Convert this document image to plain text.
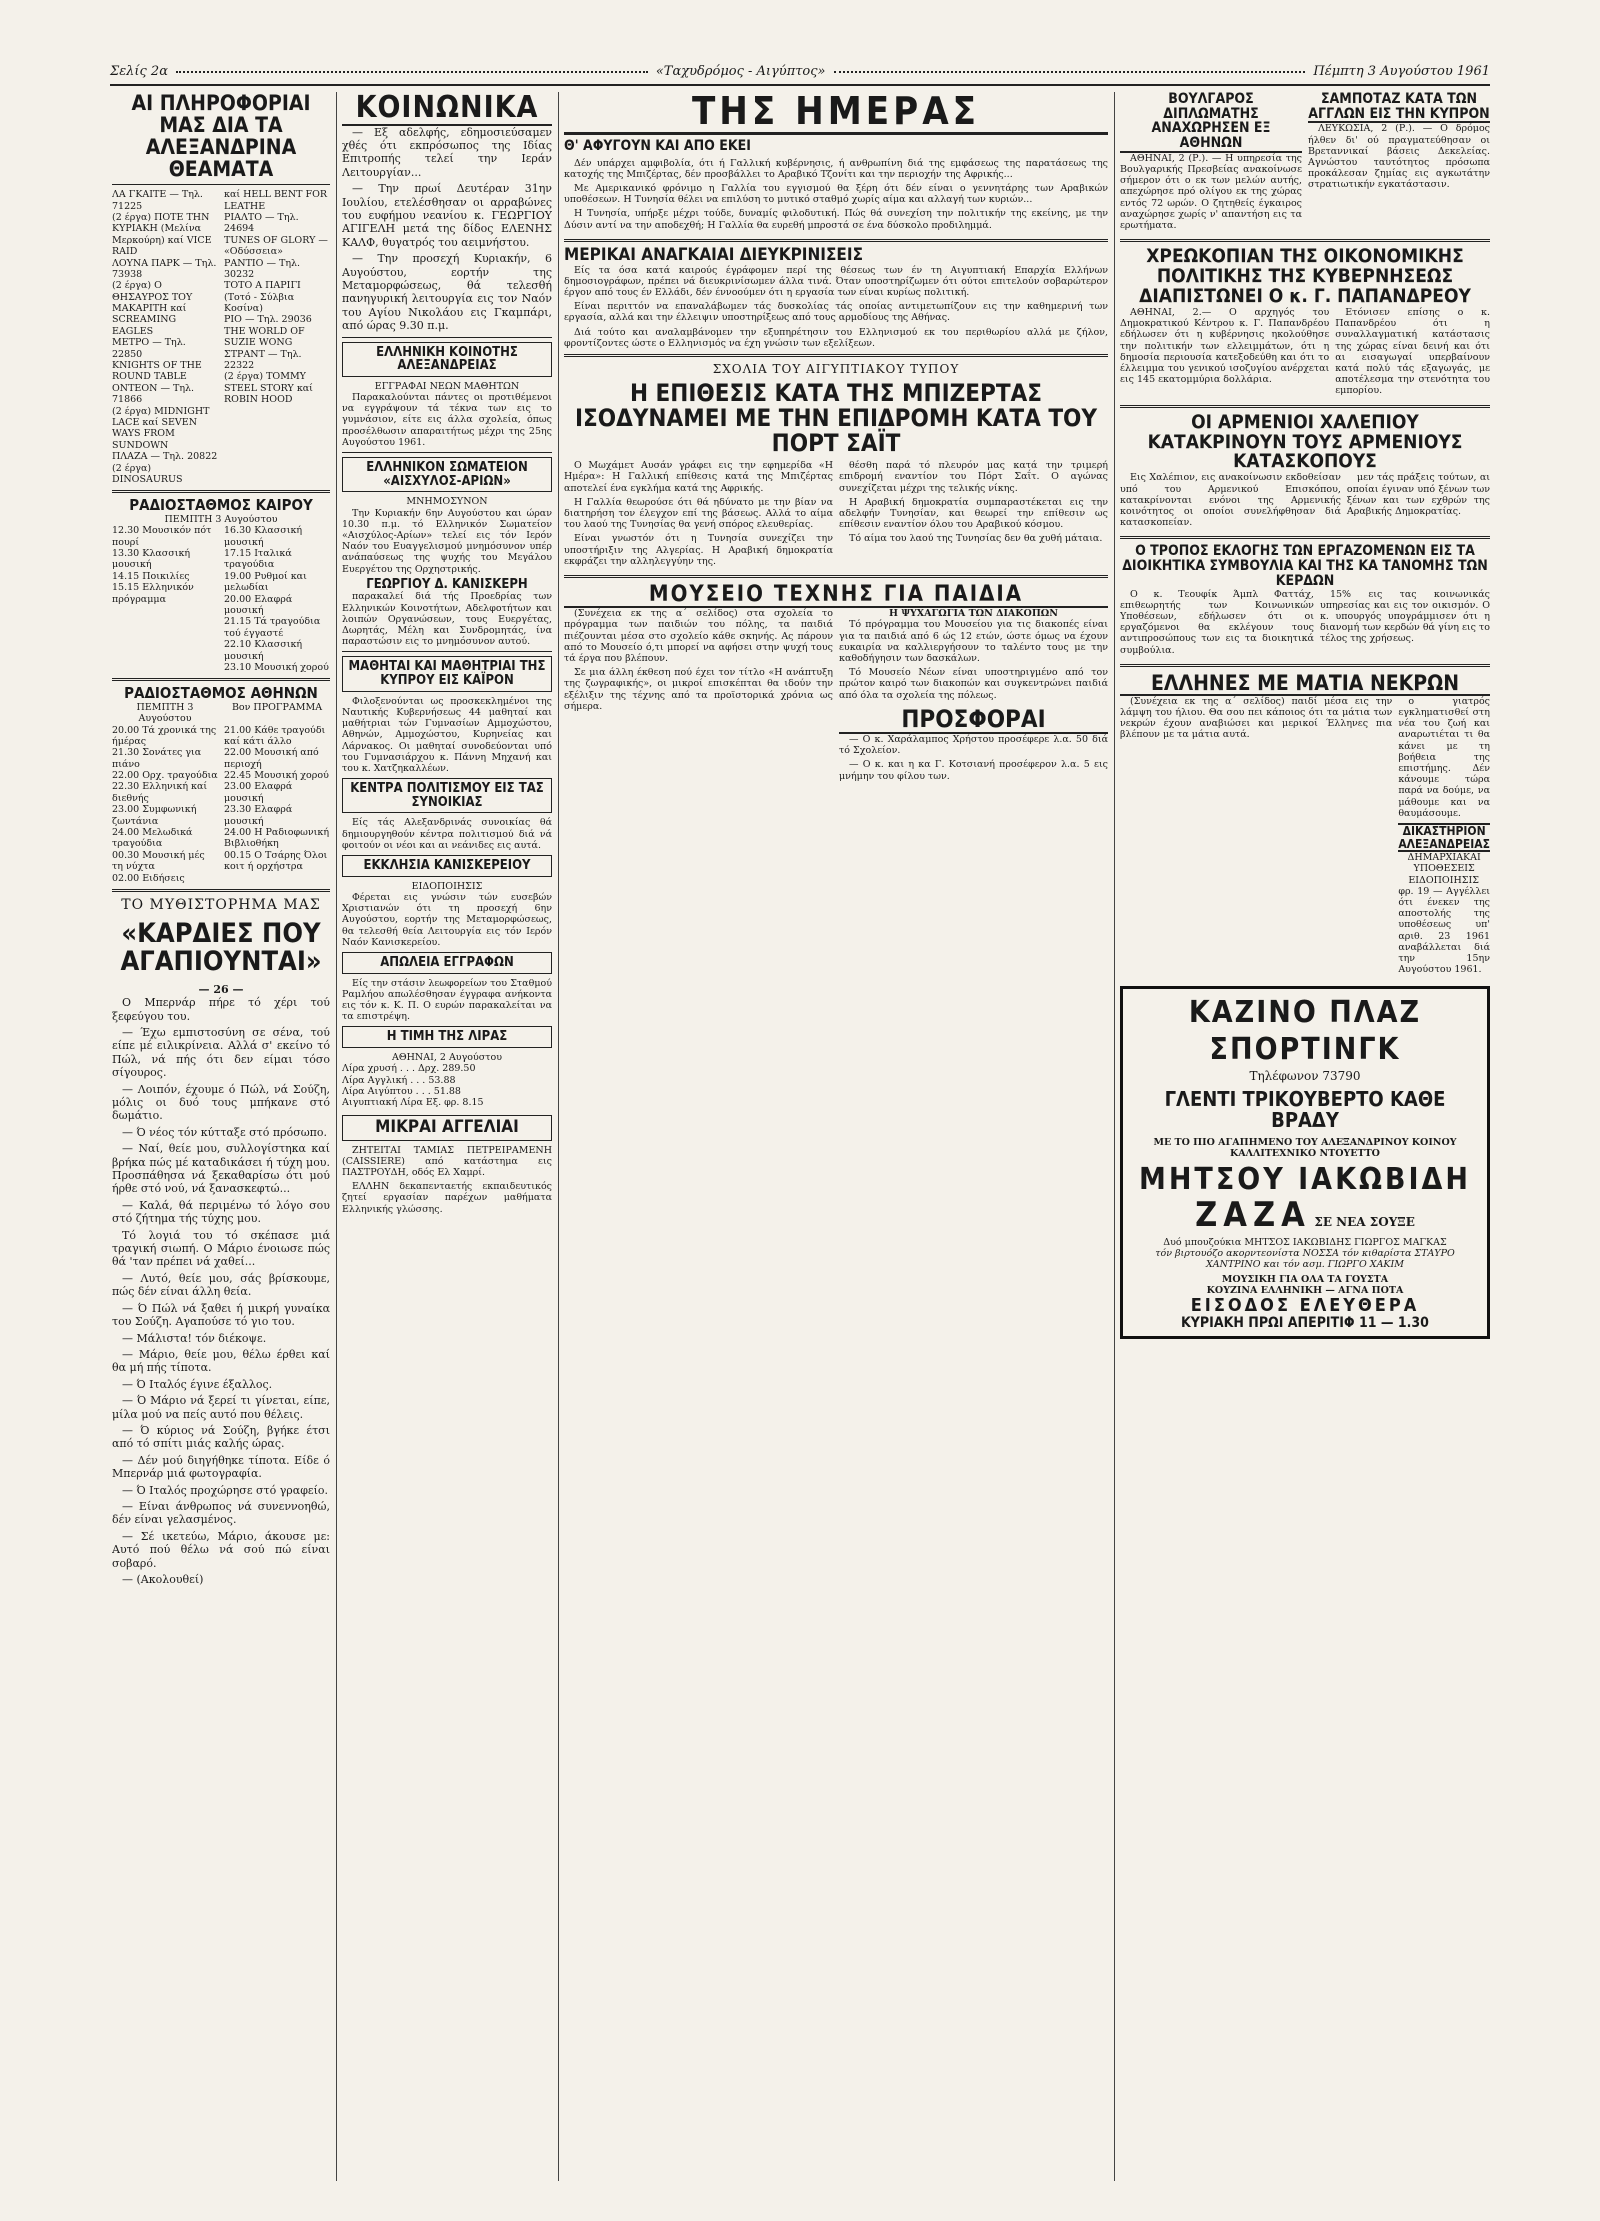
Σελίς 2α	«Ταχυδρόμος - Αιγύπτος»	Πέμπτη 3 Αυγούστου 1961
ΑΙ ΠΛΗΡΟΦΟΡΙΑΙ ΜΑΣ ΔΙΑ ΤΑ ΑΛΕΞΑΝΔΡΙΝΑ ΘΕΑΜΑΤΑ
ΛΑ ΓΚΑΙΤΕ — Τηλ. 71225
(2 έργα) ΠΟΤΕ ΤΗΝ ΚΥΡΙΑΚΗ (Μελίνα Μερκούρη) καί VICE RAID
ΛΟΥΝΑ ΠΑΡΚ — Τηλ. 73938
(2 έργα) Ο ΘΗΣΑΥΡΟΣ ΤΟΥ ΜΑΚΑΡΙΤΗ καί SCREAMING EAGLES
ΜΕΤΡΟ — Τηλ. 22850
KNIGHTS OF THE ROUND TABLE
ΟΝΤΕΟΝ — Τηλ. 71866
(2 έργα) MIDNIGHT LACE καί SEVEN WAYS FROM SUNDOWN
ΠΛΑΖΑ — Τηλ. 20822
(2 έργα) DINOSAURUS
καί HELL BENT FOR LEATHE
ΡΙΑΛΤΟ — Τηλ. 24694
TUNES OF GLORY — «Οδύσσεια»
ΡΑΝΤΙΟ — Τηλ. 30232
ΤΟΤΟ Α ΠΑΡΙΓΙ (Τοτό - Σύλβια Κοσίνα)
ΡΙΟ — Τηλ. 29036
THE WORLD OF SUZIE WONG
ΣΤΡΑΝΤ — Τηλ. 22322
(2 έργα) TOMMY STEEL STORY καί ROBIN HOOD
ΡΑΔΙΟΣΤΑΘΜΟΣ ΚΑΙΡΟΥ
ΠΕΜΠΤΗ 3 Αυγούστου
12.30 Μουσικόν πότ πουρί
13.30 Κλασσική μουσική
14.15 Ποικιλίες
15.15 Ελληνικόν πρόγραμμα
16.30 Κλασσική μουσική
17.15 Ιταλικά τραγούδια
19.00 Ρυθμοί και μελωδίαι
20.00 Ελαφρά μουσική
21.15 Τά τραγούδια τού έγγαστέ
22.10 Κλασσική μουσική
23.10 Μουσική χορού
ΡΑΔΙΟΣΤΑΘΜΟΣ ΑΘΗΝΩΝ
ΠΕΜΠΤΗ 3 Αυγούστου
Βον ΠΡΟΓΡΑΜΜΑ
20.00 Τά χρονικά της ήμέρας
21.30 Σονάτες για πιάνο
22.00 Ορχ. τραγούδια
22.30 Ελληνική καί διεθνής
23.00 Συμφωνική ζωντάνια
24.00 Μελωδικά τραγούδια
00.30 Μουσική μές τη νύχτα
02.00 Ειδήσεις
21.00 Κάθε τραγούδι καί κάτι άλλο
22.00 Μουσική από περιοχή
22.45 Μουσική χορού
23.00 Ελαφρά μουσική
23.30 Ελαφρά μουσική
24.00 Η Ραδιοφωνική Βιβλιοθήκη
00.15 Ο Τσάρης Όλοι κοιτ ή ορχήστρα
ΤΟ ΜΥΘΙΣΤΟΡΗΜΑ ΜΑΣ
«ΚΑΡΔΙΕΣ ΠΟΥ ΑΓΑΠΙΟΥΝΤΑΙ»
— 26 —

Ο Μπερνάρ πήρε τό χέρι τού ξεφεύγου του.

— Έχω εμπιστοσύνη σε σένα, τού είπε μέ ειλικρίνεια. Αλλά σ' εκείνο τό Πώλ, νά πής ότι δεν είμαι τόσο σίγουρος.

— Λοιπόν, έχουμε ό Πώλ, νά Σούζη, μόλις οι δυό τους μπήκανε στό δωμάτιο.

— Ό νέος τόν κύτταξε στό πρόσωπο.

— Ναί, θείε μου, συλλογίστηκα καί βρήκα πώς μέ καταδικάσει ή τύχη μου. Προσπάθησα νά ξεκαθαρίσω ότι μού ήρθε στό νού, νά ξανασκεφτώ...

— Καλά, θά περιμένω τό λόγο σου στό ζήτημα τής τύχης μου.

Τό λογιά του τό σκέπασε μιά τραγική σιωπή. Ο Μάριο ένοιωσε πώς θά 'ταν πρέπει νά χαθεί...

— Λυτό, θείε μου, σάς βρίσκουμε, πώς δέν είναι άλλη θεία.

— Ό Πώλ νά ξαθει ή μικρή γυναίκα του Σούζη. Αγαπούσε τό γιο του.

— Μάλιστα! τόν διέκοψε.

— Μάριο, θείε μου, θέλω έρθει καί θα μή πής τίποτα.

— Ό Ιταλός έγινε έξαλλος.

— Ό Μάριο νά ξερεί τι γίνεται, είπε, μίλα μού να πείς αυτό που θέλεις.

— Ό κύριος νά Σούζη, βγήκε έτσι από τό σπίτι μιάς καλής ώρας.

— Δέν μού διηγήθηκε τίποτα. Είδε ό Μπερνάρ μιά φωτογραφία.

— Ό Ιταλός προχώρησε στό γραφείο.

— Είναι άνθρωπος νά συνεννοηθώ, δέν είναι γελασμένος.

— Σέ ικετεύω, Μάριο, άκουσε με: Αυτό πού θέλω νά σού πώ είναι σοβαρό.

— (Ακολουθεί)

ΚΟΙΝΩΝΙΚΑ

— Εξ αδελφής, εδημοσιεύσαμεν χθές ότι εκπρόσωπος της Ιδίας Επιτροπής τελεί την Ιεράν Λειτουργίαν...

— Την πρωί Δευτέραν 31ην Ιουλίου, ετελέσθησαν οι αρραβώνες του ευφήμου νεανίου κ. ΓΕΩΡΓΙΟΥ ΑΓΙΓΕΛΗ μετά της δίδος ΕΛΕΝΗΣ ΚΑΛΦ, θυγατρός του αειμνήστου.

— Την προσεχή Κυριακήν, 6 Αυγούστου, εορτήν της Μεταμορφώσεως, θά τελεσθή πανηγυρική λειτουργία εις τον Ναόν του Αγίου Νικολάου εις Γκαμπάρι, από ώρας 9.30 π.μ.

ΕΛΛΗΝΙΚΗ ΚΟΙΝΟΤΗΣ ΑΛΕΞΑΝΔΡΕΙΑΣ
ΕΓΓΡΑΦΑΙ ΝΕΩΝ ΜΑΘΗΤΩΝ

Παρακαλούνται πάντες οι προτιθέμενοι να εγγράψουν τά τέκνα των εις το γυμνάσιον, είτε εις άλλα σχολεία, όπως προσέλθωσιν απαραιτήτως μέχρι της 25ης Αυγούστου 1961.

ΕΛΛΗΝΙΚΟΝ ΣΩΜΑΤΕΙΟΝ «ΑΙΣΧΥΛΟΣ-ΑΡΙΩΝ»
ΜΝΗΜΟΣΥΝΟΝ

Την Κυριακήν 6ην Αυγούστου και ώραν 10.30 π.μ. τό Ελληνικόν Σωματείον «Αισχύλος-Αρίων» τελεί εις τόν Ιερόν Ναόν του Ευαγγελισμού μνημόσυνον υπέρ ανάπαύσεως της ψυχής του Μεγάλου Ευεργέτου της Ορχηστρικής.

ΓΕΩΡΓΙΟΥ Δ. ΚΑΝΙΣΚΕΡΗ

παρακαλεί διά τής Προεδρίας των Ελληνικών Κοινοτήτων, Αδελφοτήτων και λοιπών Οργανώσεων, τους Ευεργέτας, Δωρητάς, Μέλη και Συνδρομητάς, ίνα παραστώσιν εις το μνημόσυνον αυτού.

ΜΑΘΗΤΑΙ ΚΑΙ ΜΑΘΗΤΡΙΑΙ ΤΗΣ ΚΥΠΡΟΥ ΕΙΣ ΚΑΪΡΟΝ

Φιλοξενούνται ως προσκεκλημένοι της Ναυτικής Κυβερνήσεως 44 μαθηταί και μαθήτριαι τών Γυμνασίων Αμμοχώστου, Αθηνών, Αμμοχώστου, Κυρηνείας και Λάρνακος. Οι μαθηταί συνοδεύονται υπό του Γυμνασιάρχου κ. Πάννη Μηχανή και του κ. Χατζηκαλλέων.

ΚΕΝΤΡΑ ΠΟΛΙΤΙΣΜΟΥ ΕΙΣ ΤΑΣ ΣΥΝΟΙΚΙΑΣ

Είς τάς Αλεξανδρινάς συνοικίας θά δημιουργηθούν κέντρα πολιτισμού διά νά φοιτούν οι νέοι και αι νεάνιδες εις αυτά.

ΕΚΚΛΗΣΙΑ ΚΑΝΙΣΚΕΡΕΙΟΥ
ΕΙΔΟΠΟΙΗΣΙΣ

Φέρεται εις γνώσιν τών ευσεβών Χριστιανών ότι τη προσεχή 6ην Αυγούστου, εορτήν της Μεταμορφώσεως, θα τελεσθή θεία Λειτουργία εις τόν Ιερόν Ναόν Κανισκερείου.

ΑΠΩΛΕΙΑ ΕΓΓΡΑΦΩΝ

Είς την στάσιν λεωφορείων του Σταθμού Ραμλήου απωλέσθησαν έγγραφα ανήκοντα εις τόν κ. Κ. Π. Ο ευρών παρακαλείται να τα επιστρέψη.

Η ΤΙΜΗ ΤΗΣ ΛΙΡΑΣ
ΑΘΗΝΑΙ, 2 Αυγούστου
Λίρα χρυσή . . . Δρχ. 289.50
Λίρα Αγγλική . . . 53.88
Λίρα Αιγύπτου . . . 51.88
Αιγυπτιακή Λίρα Εξ. φρ. 8.15
ΜΙΚΡΑΙ ΑΓΓΕΛΙΑΙ

ΖΗΤΕΙΤΑΙ ΤΑΜΙΑΣ ΠΕΤΡΕΙΡΑΜΕΝΗ (CAISSIERE) από κατάστημα εις ΠΑΣΤΡΟΥΔΗ, οδός Ελ Χαμρί.

ΕΛΛΗΝ δεκαπενταετής εκπαιδευτικός ζητεί εργασίαν παρέχων μαθήματα Ελληνικής γλώσσης.

ΤΗΣ ΗΜΕΡΑΣ
Θ' ΑΦΥΓΟΥΝ ΚΑΙ ΑΠΟ ΕΚΕΙ

Δέν υπάρχει αμφιβολία, ότι ή Γαλλική κυβέρνησις, ή ανθρωπίνη διά της εμφάσεως της παρατάσεως της κατοχής της Μπιζέρτας, δέν προσβάλλει το Αραβικό Τζονίτι και την περιοχήν της Αφρικής...

Με Αμερικανικό φρόνιμο η Γαλλία του εγγισμού θα ξέρη ότι δέν είναι ο γεννητάρης των Αραβικών υποθέσεων. Η Τυνησία θέλει να επιλύση το μυτικό σταθμό χωρίς αίμα και αλλαγή των κυριών...

Η Τυνησία, υπήρξε μέχρι τούδε, δυναμίς φιλοδυτική. Πώς θά συνεχίση την πολιτικήν της εκείνης, με την Δύσιν αντί να την αποδεχθή; Η Γαλλία θα ευρεθή μπροστά σε ένα δύσκολο προδιλημμά.

ΜΕΡΙΚΑΙ ΑΝΑΓΚΑΙΑΙ ΔΙΕΥΚΡΙΝΙΣΕΙΣ

Είς τα όσα κατά καιρούς έγράφομεν περί της θέσεως των έν τη Αιγυπτιακή Επαρχία Ελλήνων δημοσιογράφων, πρέπει νά διευκρινίσωμεν άλλα τινά. Όταν υποστηρίζωμεν ότι ούτοι επιτελούν σοβαρώτερον έργον από τους έν Ελλάδι, δέν έννοούμεν ότι η εργασία των είναι κυρίως πολιτική.

Είναι περιττόν να επαναλάβωμεν τάς δυσκολίας τάς οποίας αντιμετωπίζουν εις την καθημερινή των εργασία, αλλά και την έλλειψιν υποστηρίξεως από τους αρμοδίους της Αθήνας.

Διά τούτο και αναλαμβάνομεν την εξυπηρέτησιν του Ελληνισμού εκ του περιθωρίου αλλά με ζήλον, φροντίζοντες ώστε ο Ελληνισμός να έχη γνώσιν των εξελίξεων.

ΣΧΟΛΙΑ ΤΟΥ ΑΙΓΥΠΤΙΑΚΟΥ ΤΥΠΟΥ
Η ΕΠΙΘΕΣΙΣ ΚΑΤΑ ΤΗΣ ΜΠΙΖΕΡΤΑΣ ΙΣΟΔΥΝΑΜΕΙ ΜΕ ΤΗΝ ΕΠΙΔΡΟΜΗ ΚΑΤΑ ΤΟΥ ΠΟΡΤ ΣΑΪΤ

Ο Μωχάμετ Αυσάν γράφει εις την εφημερίδα «Η Ημέρα»: Η Γαλλική επίθεσις κατά της Μπιζέρτας αποτελεί ένα εγκλήμα κατά της Αφρικής.

Η Γαλλία θεωρούσε ότι θά ηδύνατο με την βίαν να διατηρήση τον έλεγχον επί της βάσεως. Αλλά το αίμα του λαού της Τυνησίας θα γενή σπόρος ελευθερίας.

Είναι γνωστόν ότι η Τυνησία συνεχίζει την υποστήριξιν της Αλγερίας. Η Αραβική δημοκρατία εκφράζει την αλληλεγγύην της.

θέσθη παρά τό πλευρόν μας κατά την τριμερή επιδρομή εναντίον του Πόρτ Σαΐτ. Ο αγώνας συνεχίζεται μέχρι της τελικής νίκης.

Η Αραβική δημοκρατία συμπαραστέκεται εις την αδελφήν Τυνησίαν, και θεωρεί την επίθεσιν ως επίθεσιν εναντίον όλου του Αραβικού κόσμου.

Τό αίμα του λαού της Τυνησίας δεν θα χυθή μάταια.

ΜΟΥΣΕΙΟ ΤΕΧΝΗΣ ΓΙΑ ΠΑΙΔΙΑ

(Συνέχεια εκ της α΄ σελίδος) στα σχολεία το πρόγραμμα των παιδιών του πόλης, τα παιδιά πιέζουνται μέσα στο σχολείο κάθε σκηνής. Ας πάρουν από το Μουσείο ό,τι μπορεί να αφήσει στην ψυχή τους τά έργα που βλέπουν.

Σε μια άλλη έκθεση πού έχει τον τίτλο «Η ανάπτυξη της ζωγραφικής», οι μικροί επισκέπται θα ιδούν την εξέλιξιν της τέχνης από τα προϊστορικά χρόνια ως σήμερα.

Η ΨΥΧΑΓΩΓΙΑ ΤΩΝ ΔΙΑΚΟΠΩΝ

Τό πρόγραμμα του Μουσείου για τις διακοπές είναι για τα παιδιά από 6 ώς 12 ετών, ώστε όμως να έχουν ευκαιρία να καλλιεργήσουν το ταλέντο τους με την καθοδήγησιν των δασκάλων.

Τό Μουσείο Νέων είναι υποστηριγμένο από τον πρώτον καιρό των διακοπών και συγκεντρώνει παιδιά από όλα τα σχολεία της πόλεως.

ΠΡΟΣΦΟΡΑΙ

— Ο κ. Χαράλαμπος Χρήστου προσέφερε λ.α. 50 διά τό Σχολείον.

— Ο κ. και η κα Γ. Κοτσιανή προσέφερον λ.α. 5 εις μνήμην του φίλου των.

ΒΟΥΛΓΑΡΟΣ ΔΙΠΛΩΜΑΤΗΣ ΑΝΑΧΩΡΗΣΕΝ ΕΞ ΑΘΗΝΩΝ

ΑΘΗΝΑΙ, 2 (Ρ.). — Η υπηρεσία της Βουλγαρικής Πρεσβείας ανακοίνωσε σήμερον ότι ο εκ των μελών αυτής, απεχώρησε πρό ολίγου εκ της χώρας εντός 72 ωρών. Ο ζητηθείς έγκαιρος αναχώρησε χωρίς ν' απαντήση εις τα ερωτήματα.

ΣΑΜΠΟΤΑΖ ΚΑΤΑ ΤΩΝ ΑΓΓΛΩΝ ΕΙΣ ΤΗΝ ΚΥΠΡΟΝ

ΛΕΥΚΩΣΙΑ, 2 (Ρ.). — Ο δρόμος ήλθεν δι' ού πραγματεύθησαν οι Βρεταννικαί βάσεις Δεκελείας. Αγνώστου ταυτότητος πρόσωπα προκάλεσαν ζημίας εις αγκωτάτην στρατιωτικήν εγκατάστασιν.

ΧΡΕΩΚΟΠΙΑΝ ΤΗΣ ΟΙΚΟΝΟΜΙΚΗΣ ΠΟΛΙΤΙΚΗΣ ΤΗΣ ΚΥΒΕΡΝΗΣΕΩΣ ΔΙΑΠΙΣΤΩΝΕΙ Ο κ. Γ. ΠΑΠΑΝΔΡΕΟΥ

ΑΘΗΝΑΙ, 2.— Ο αρχηγός του Δημοκρατικού Κέντρου κ. Γ. Παπανδρέου εδήλωσεν ότι η κυβέρνησις ηκολούθησε την πολιτικήν των ελλειμμάτων, ότι η δημοσία περιουσία κατεξοδεύθη και ότι το έλλειμμα του γενικού ισοζυγίου ανέρχεται εις 145 εκατομμύρια δολλάρια.

Ετόνισεν επίσης ο κ. Παπανδρέου ότι η συναλλαγματική κατάστασις της χώρας είναι δεινή και ότι αι εισαγωγαί υπερβαίνουν κατά πολύ τάς εξαγωγάς, με αποτέλεσμα την στενότητα του εμπορίου.

ΟΙ ΑΡΜΕΝΙΟΙ ΧΑΛΕΠΙΟΥ ΚΑΤΑΚΡΙΝΟΥΝ ΤΟΥΣ ΑΡΜΕΝΙΟΥΣ ΚΑΤΑΣΚΟΠΟΥΣ

Εις Χαλέπιον, εις ανακοίνωσιν εκδοθείσαν υπό του Αρμενικού Επισκόπου, κατακρίνονται ενόνοι της Αρμενικής κοινότητος οι οποίοι συνελήφθησαν διά κατασκοπείαν.

μεν τάς πράξεις τούτων, αι οποίαι έγιναν υπό ξένων των ξένων και των εχθρών της Αραβικής Δημοκρατίας.

Ο ΤΡΟΠΟΣ ΕΚΛΟΓΗΣ ΤΩΝ ΕΡΓΑΖΟΜΕΝΩΝ ΕΙΣ ΤΑ ΔΙΟΙΚΗΤΙΚΑ ΣΥΜΒΟΥΛΙΑ ΚΑΙ ΤΗΣ ΚΑ ΤΑΝΟΜΗΣ ΤΩΝ ΚΕΡΔΩΝ

Ο κ. Τεουφίκ Άμπλ Φαττάχ, επιθεωρητής των Κοινωνικών Υποθέσεων, εδήλωσεν ότι οι εργαζόμενοι θα εκλέγουν τους αντιπροσώπους των εις τα διοικητικά συμβούλια.

15% εις τας κοινωνικάς υπηρεσίας και εις τον οικισμόν. Ο κ. υπουργός υπογράμμισεν ότι η διανομή των κερδών θά γίνη εις το τέλος της χρήσεως.

ΕΛΛΗΝΕΣ ΜΕ ΜΑΤΙΑ ΝΕΚΡΩΝ

(Συνέχεια εκ της α΄ σελίδος) παιδί μέσα εις την λάμψη του ήλιου. Θα σου πει κάποιος ότι τα μάτια των νεκρών έχουν αναβιώσει και μερικοί Έλληνες πια βλέπουν με τα μάτια αυτά.

ο γιατρός εγκληματισθεί στη νέα του ζωή και αναρωτιέται τι θα κάνει με τη βοήθεια της επιστήμης. Δέν κάνουμε τώρα παρά να δούμε, να μάθουμε και να θαυμάσουμε.

ΔΙΚΑΣΤΗΡΙΟΝ ΑΛΕΞΑΝΔΡΕΙΑΣ
ΔΗΜΑΡΧΙΑΚΑΙ ΥΠΟΘΕΣΕΙΣ

ΕΙΔΟΠΟΙΗΣΙΣ φρ. 19 — Αγγέλλει ότι ένεκεν της αποστολής της υποθέσεως υπ' αριθ. 23 1961 αναβάλλεται διά την 15ην Αυγούστου 1961.

ΚΑΖΙΝΟ ΠΛΑΖ ΣΠΟΡΤΙΝΓΚ
Τηλέφωνον 73790
ΓΛΕΝΤΙ ΤΡΙΚΟΥΒΕΡΤΟ ΚΑΘΕ ΒΡΑΔΥ
ΜΕ ΤΟ ΠΙΟ ΑΓΑΠΗΜΕΝΟ ΤΟΥ ΑΛΕΞΑΝΔΡΙΝΟΥ ΚΟΙΝΟΥ ΚΑΛΛΙΤΕΧΝΙΚΟ ΝΤΟΥΕΤΤΟ
ΜΗΤΣΟΥ ΙΑΚΩΒΙΔΗ
ΖΑΖΑ ΣΕ ΝΕΑ ΣΟΥΞΕ
Δυό μπουζούκια ΜΗΤΣΟΣ ΙΑΚΩΒΙΔΗΣ ΓΙΩΡΓΟΣ ΜΑΓΚΑΣ
τόν βιρτουόζο ακορντεονίστα ΝΟΣΣΑ τόν κιθαρίστα ΣΤΑΥΡΟ ΧΑΝΤΡΙΝΟ και τόν ασμ. ΓΙΩΡΓΟ ΧΑΚΙΜ
ΜΟΥΣΙΚΗ ΓΙΑ ΟΛΑ ΤΑ ΓΟΥΣΤΑ
ΚΟΥΖΙΝΑ ΕΛΛΗΝΙΚΗ — ΑΓΝΑ ΠΟΤΑ
ΕΙΣΟΔΟΣ ΕΛΕΥΘΕΡΑ
ΚΥΡΙΑΚΗ ΠΡΩΙ ΑΠΕΡΙΤΙΦ 11 — 1.30
